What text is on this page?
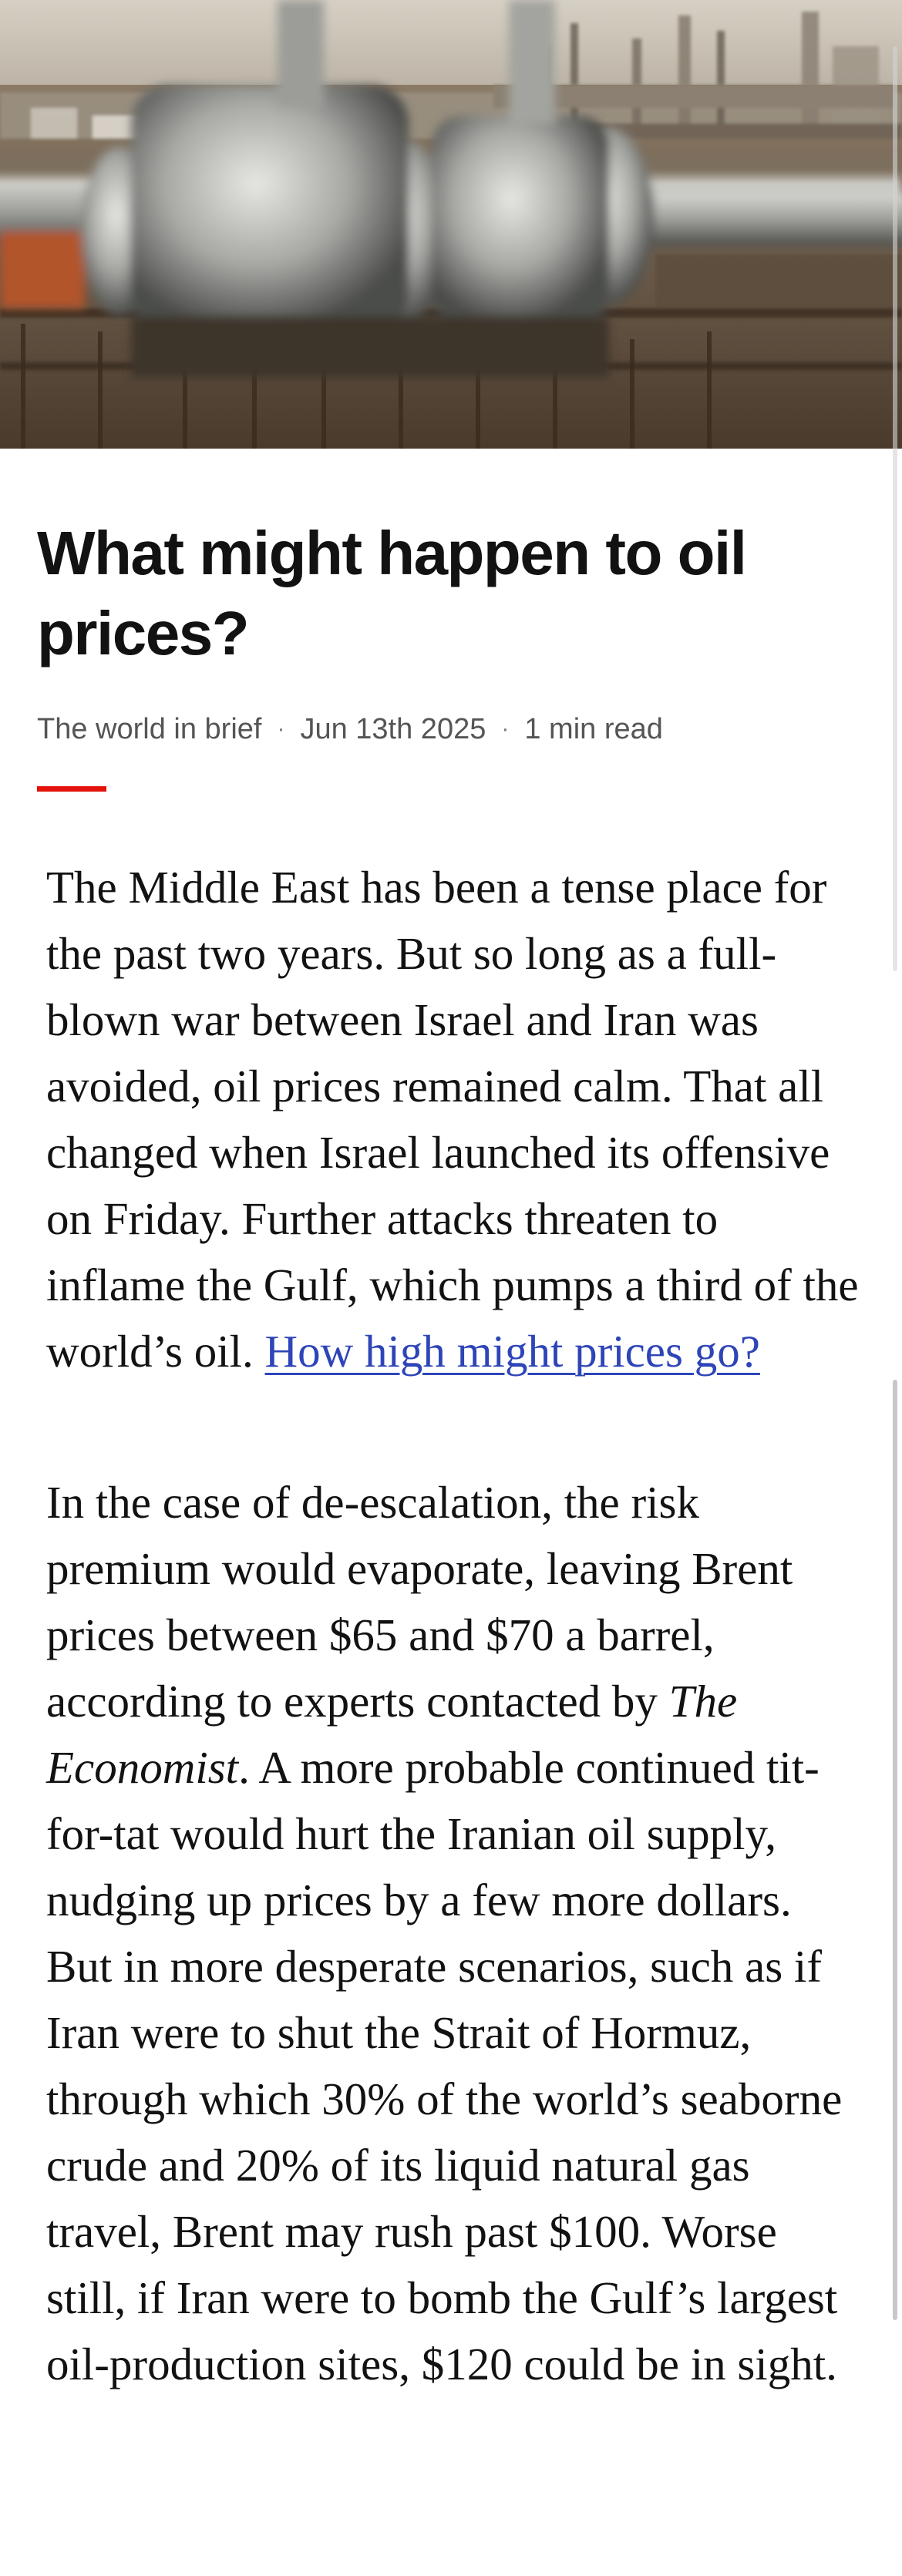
What might happen to oil prices?
The world in brief · Jun 13th 2025 · 1 min read

The Middle East has been a tense place for the past two years. But so long as a full-blown war between Israel and Iran was avoided, oil prices remained calm. That all changed when Israel launched its offensive on Friday. Further attacks threaten to inflame the Gulf, which pumps a third of the world’s oil. How high might prices go?

In the case of de-escalation, the risk premium would evaporate, leaving Brent prices between $65 and $70 a barrel, according to experts contacted by The Economist. A more probable continued tit-for-tat would hurt the Iranian oil supply, nudging up prices by a few more dollars. But in more desperate scenarios, such as if Iran were to shut the Strait of Hormuz, through which 30% of the world’s seaborne crude and 20% of its liquid natural gas travel, Brent may rush past $100. Worse still, if Iran were to bomb the Gulf’s largest oil-production sites, $120 could be in sight.
